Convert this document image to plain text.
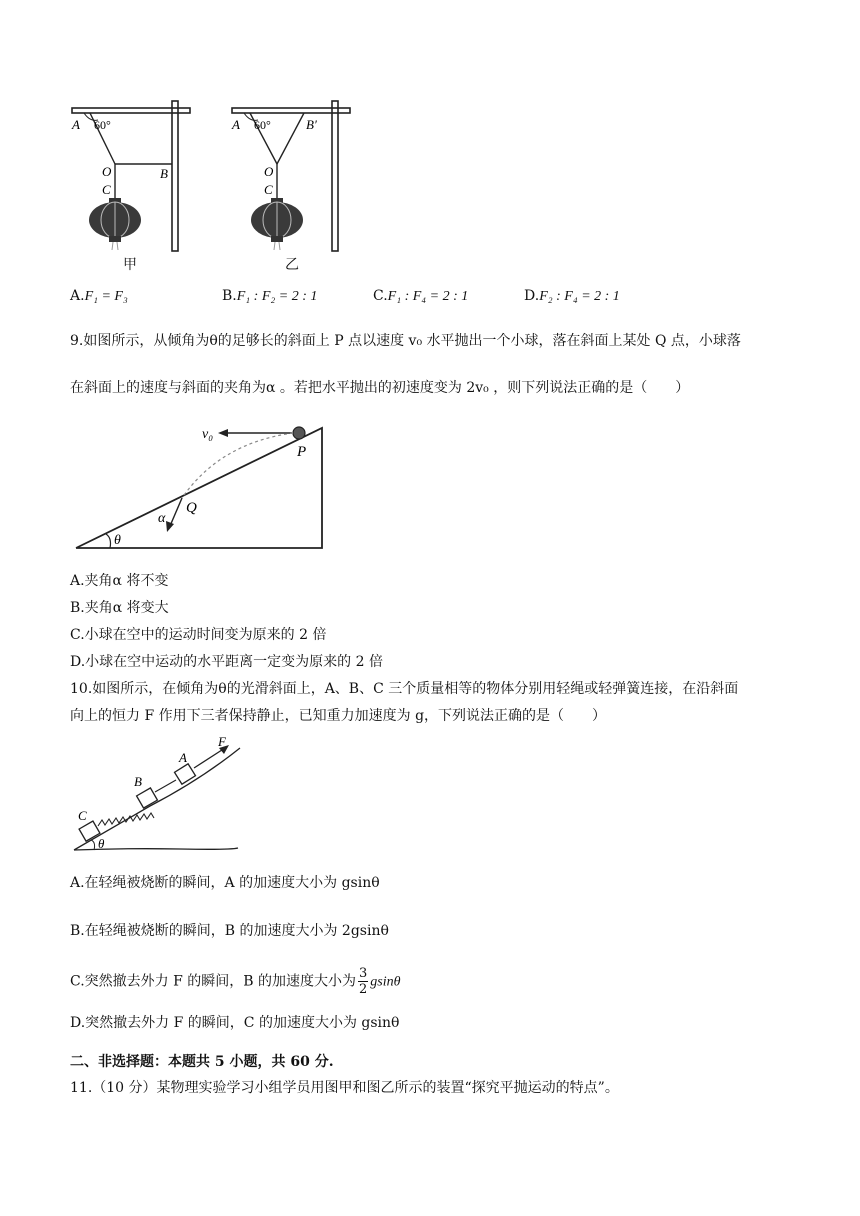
A 60°
O	B
C
甲
A 60°	B′
O
C
乙
A.F₁ = F₃	B.F₁ : F₂ = 2 : 1	C.F₁ : F₄ = 2 : 1	D.F₂ : F₄ = 2 : 1
9.如图所示，从倾角为θ的足够长的斜面上 P 点以速度 v₀ 水平抛出一个小球，落在斜面上某处 Q 点，小球落
在斜面上的速度与斜面的夹角为α 。若把水平抛出的初速度变为 2v₀ ，则下列说法正确的是（　　）
θ
v₀
P
α
Q
A.夹角α 将不变
B.夹角α 将变大
C.小球在空中的运动时间变为原来的 2 倍
D.小球在空中运动的水平距离一定变为原来的 2 倍
10.如图所示，在倾角为θ的光滑斜面上，A、B、C 三个质量相等的物体分别用轻绳或轻弹簧连接，在沿斜面
向上的恒力 F 作用下三者保持静止，已知重力加速度为 g，下列说法正确的是（　　）
θ
C
B
A
F
A.在轻绳被烧断的瞬间，A 的加速度大小为 gsinθ
B.在轻绳被烧断的瞬间，B 的加速度大小为 2gsinθ
C.突然撤去外力 F 的瞬间，B 的加速度大小为 $\frac{3}{2}$ gsinθ
D.突然撤去外力 F 的瞬间，C 的加速度大小为 gsinθ
二、非选择题：本题共 5 小题，共 60 分.
11.（10 分）某物理实验学习小组学员用图甲和图乙所示的装置“探究平抛运动的特点”。
